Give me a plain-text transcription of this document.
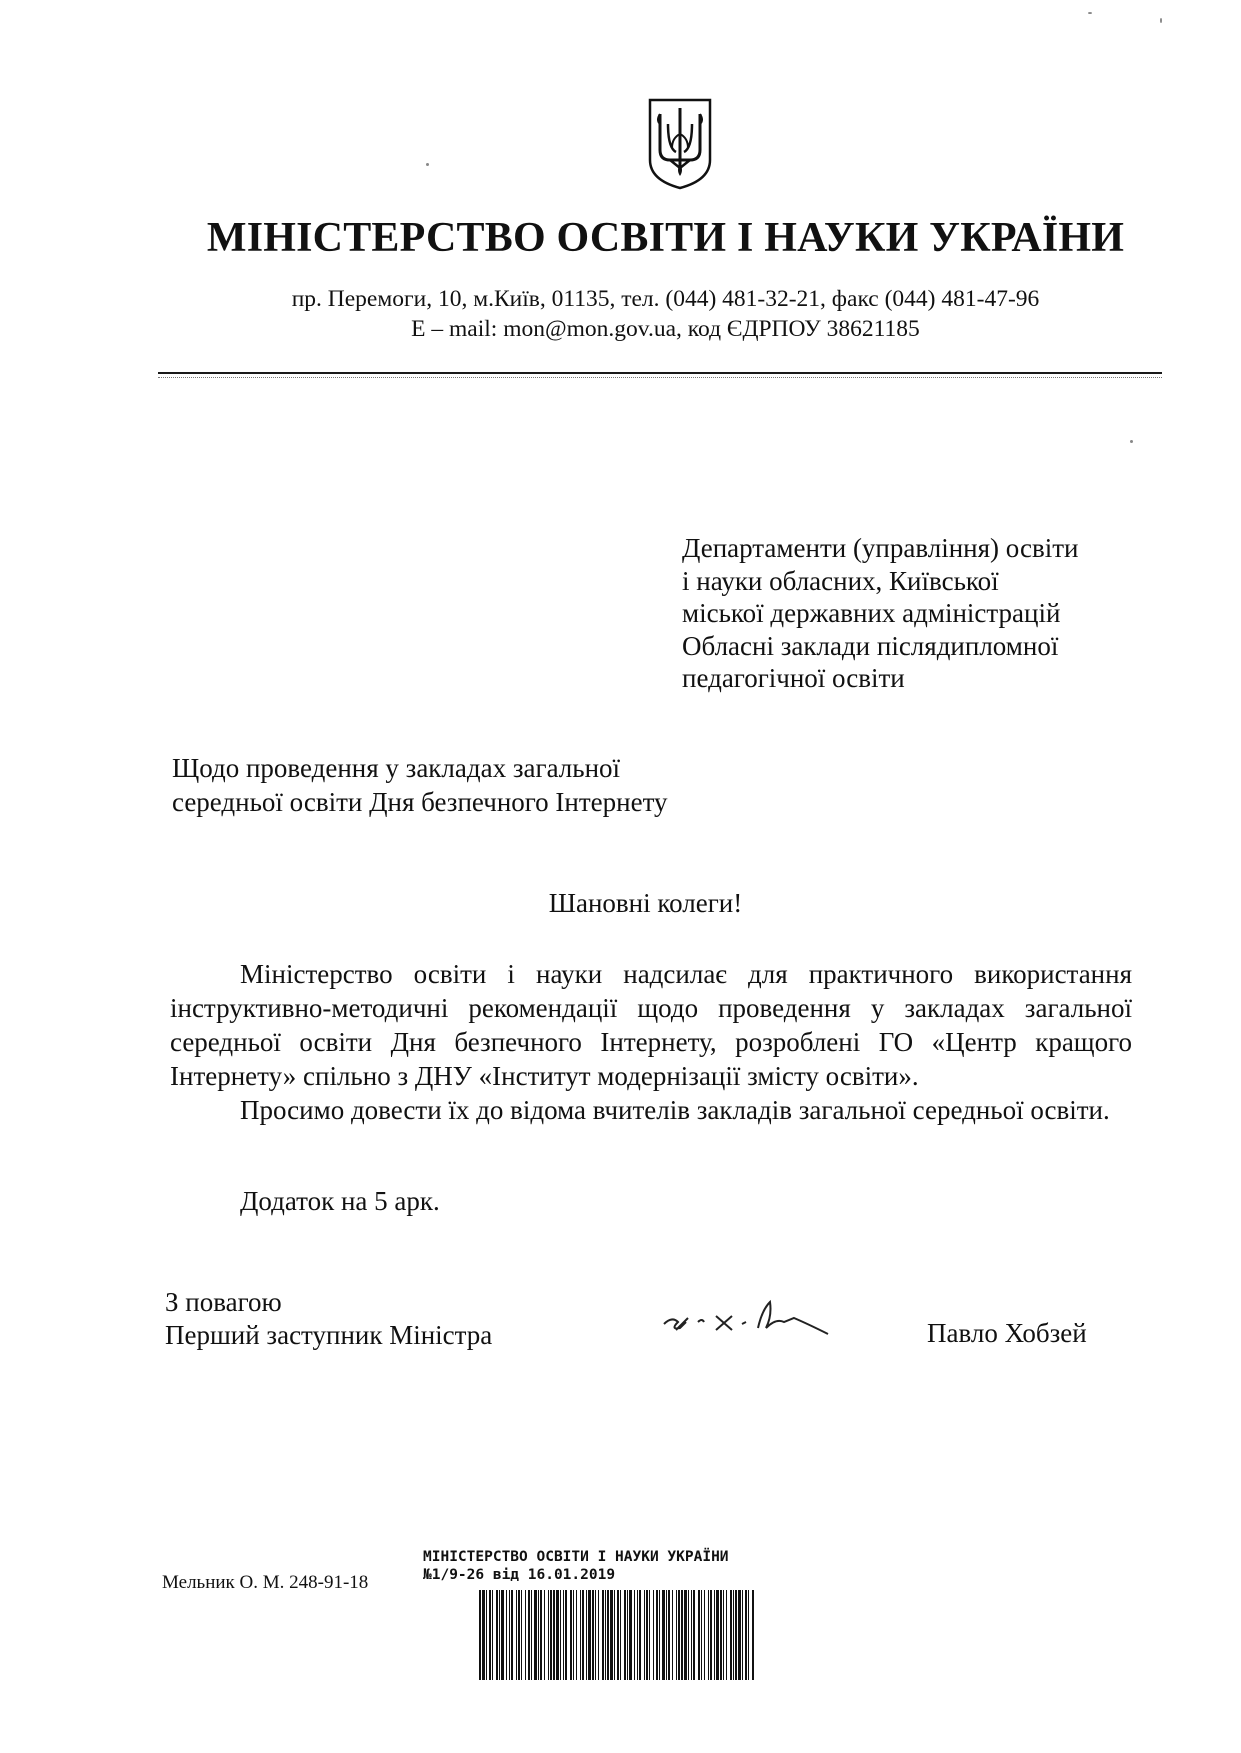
МІНІСТЕРСТВО ОСВІТИ І НАУКИ УКРАЇНИ
пр. Перемоги, 10, м.Київ, 01135, тел. (044) 481-32-21, факс (044) 481-47-96
E – mail: mon@mon.gov.ua, код ЄДРПОУ 38621185
Департаменти (управління) освіти
і науки обласних, Київської
міської державних адміністрацій
Обласні заклади післядипломної
педагогічної освіти
Щодо проведення у закладах загальної
середньої освіти Дня безпечного Інтернету
Шановні колеги!

Міністерство освіти і науки надсилає для практичного використання інструктивно-методичні рекомендації щодо проведення у закладах загальної середньої освіти Дня безпечного Інтернету, розроблені ГО «Центр кращого Інтернету» спільно з ДНУ «Інститут модернізації змісту освіти».

Просимо довести їх до відома вчителів закладів загальної середньої освіти.

Додаток на 5 арк.
З повагою
Перший заступник Міністра	Павло Хобзей
Мельник О. М. 248-91-18
МІНІСТЕРСТВО ОСВІТИ І НАУКИ УКРАЇНИ
№1/9-26 від 16.01.2019
